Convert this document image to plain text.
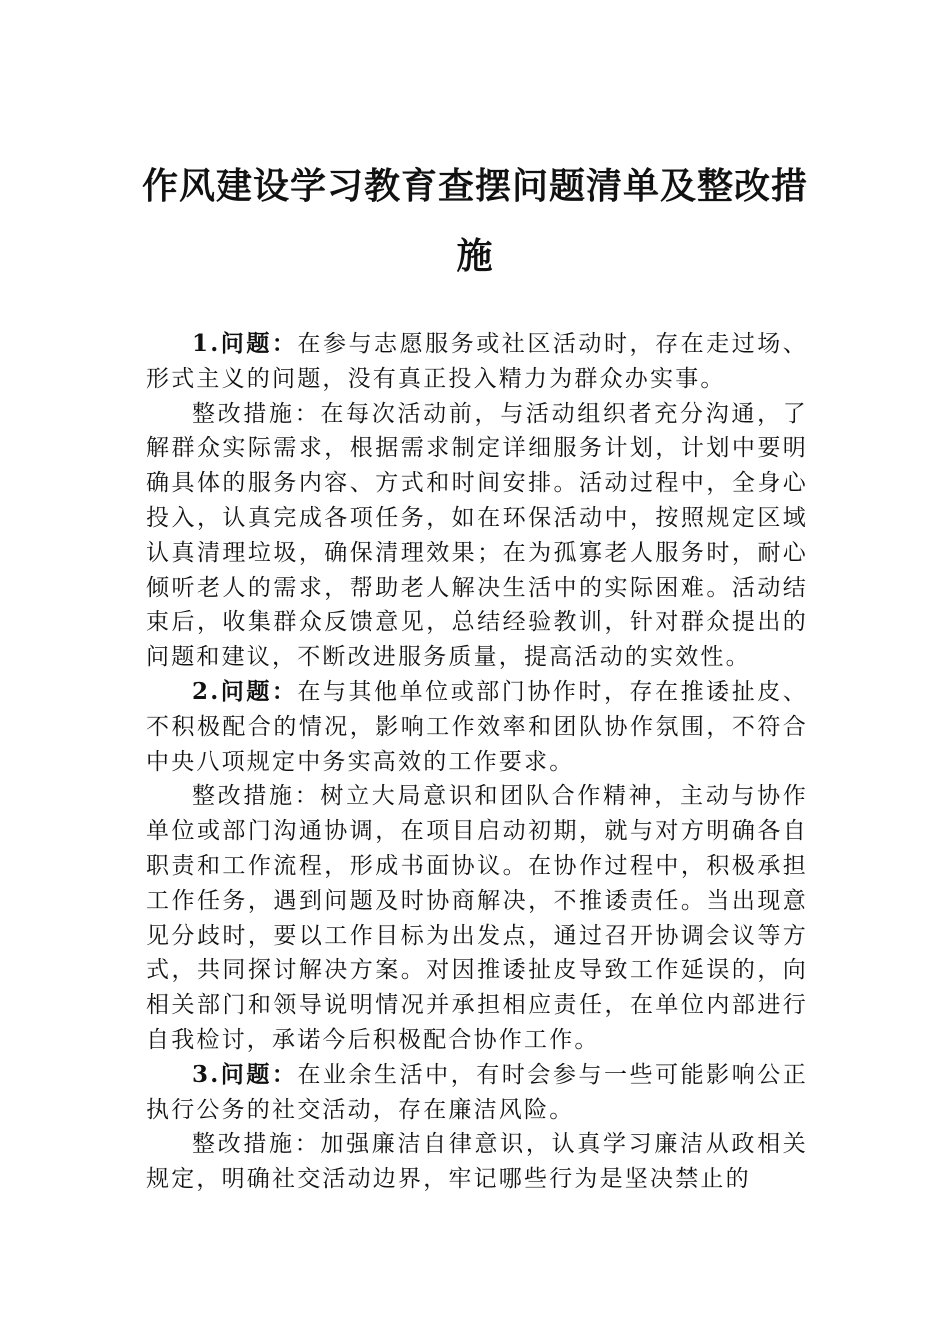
作风建设学习教育查摆问题清单及整改措
施

1.问题：在参与志愿服务或社区活动时，存在走过场、形式主义的问题，没有真正投入精力为群众办实事。

整改措施：在每次活动前，与活动组织者充分沟通，了解群众实际需求，根据需求制定详细服务计划，计划中要明确具体的服务内容、方式和时间安排。活动过程中，全身心投入，认真完成各项任务，如在环保活动中，按照规定区域认真清理垃圾，确保清理效果；在为孤寡老人服务时，耐心倾听老人的需求，帮助老人解决生活中的实际困难。活动结束后，收集群众反馈意见，总结经验教训，针对群众提出的问题和建议，不断改进服务质量，提高活动的实效性。

2.问题：在与其他单位或部门协作时，存在推诿扯皮、不积极配合的情况，影响工作效率和团队协作氛围，不符合中央八项规定中务实高效的工作要求。

整改措施：树立大局意识和团队合作精神，主动与协作单位或部门沟通协调，在项目启动初期，就与对方明确各自职责和工作流程，形成书面协议。在协作过程中，积极承担工作任务，遇到问题及时协商解决，不推诿责任。当出现意见分歧时，要以工作目标为出发点，通过召开协调会议等方式，共同探讨解决方案。对因推诿扯皮导致工作延误的，向相关部门和领导说明情况并承担相应责任，在单位内部进行自我检讨，承诺今后积极配合协作工作。

3.问题：在业余生活中，有时会参与一些可能影响公正执行公务的社交活动，存在廉洁风险。

整改措施：加强廉洁自律意识，认真学习廉洁从政相关规定，明确社交活动边界，牢记哪些行为是坚决禁止的
